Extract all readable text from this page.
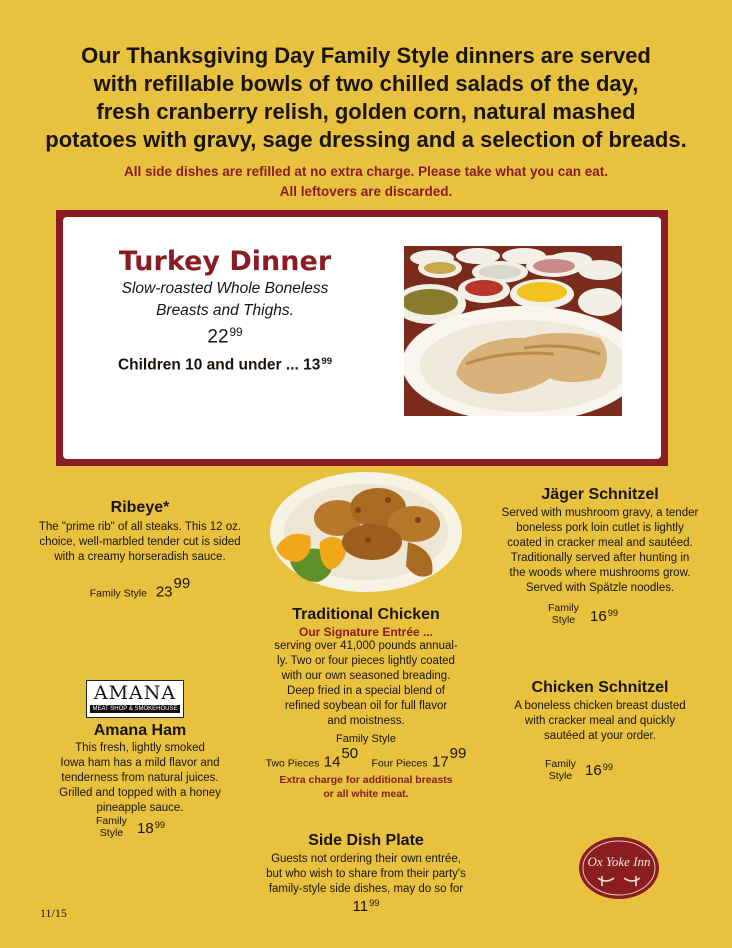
Our Thanksgiving Day Family Style dinners are served
with refillable bowls of two chilled salads of the day,
fresh cranberry relish, golden corn, natural mashed
potatoes with gravy, sage dressing and a selection of breads.
All side dishes are refilled at no extra charge. Please take what you can eat.
All leftovers are discarded.
Turkey Dinner
Slow-roasted Whole Boneless
Breasts and Thighs.
$22^{99}$
Children 10 and under ... $13^{99}$
Ribeye*
The "prime rib" of all steaks. This 12 oz.
choice, well-marbled tender cut is sided
with a creamy horseradish sauce.
Family Style $23^{99}$
Jäger Schnitzel
Served with mushroom gravy, a tender
boneless pork loin cutlet is lightly
coated in cracker meal and sautéed.
Traditionally served after hunting in
the woods where mushrooms grow.
Served with Spätzle noodles.
Family
Style $16^{99}$
Traditional Chicken
Our Signature Entrée ...
serving over 41,000 pounds annual-
ly. Two or four pieces lightly coated
with our own seasoned breading.
Deep fried in a special blend of
refined soybean oil for full flavor
and moistness.
Family Style
Two Pieces $14^{50}$   Four Pieces $17^{99}$
Extra charge for additional breasts
or all white meat.
AMANA
MEAT SHOP & SMOKEHOUSE
Amana Ham
This fresh, lightly smoked
Iowa ham has a mild flavor and
tenderness from natural juices.
Grilled and topped with a honey
pineapple sauce.
Family
Style $18^{99}$
Chicken Schnitzel
A boneless chicken breast dusted
with cracker meal and quickly
sautéed at your order.
Family
Style $16^{99}$
Side Dish Plate
Guests not ordering their own entrée,
but who wish to share from their party's
family-style side dishes, may do so for
$11^{99}$
11/15
Ox Yoke Inn
